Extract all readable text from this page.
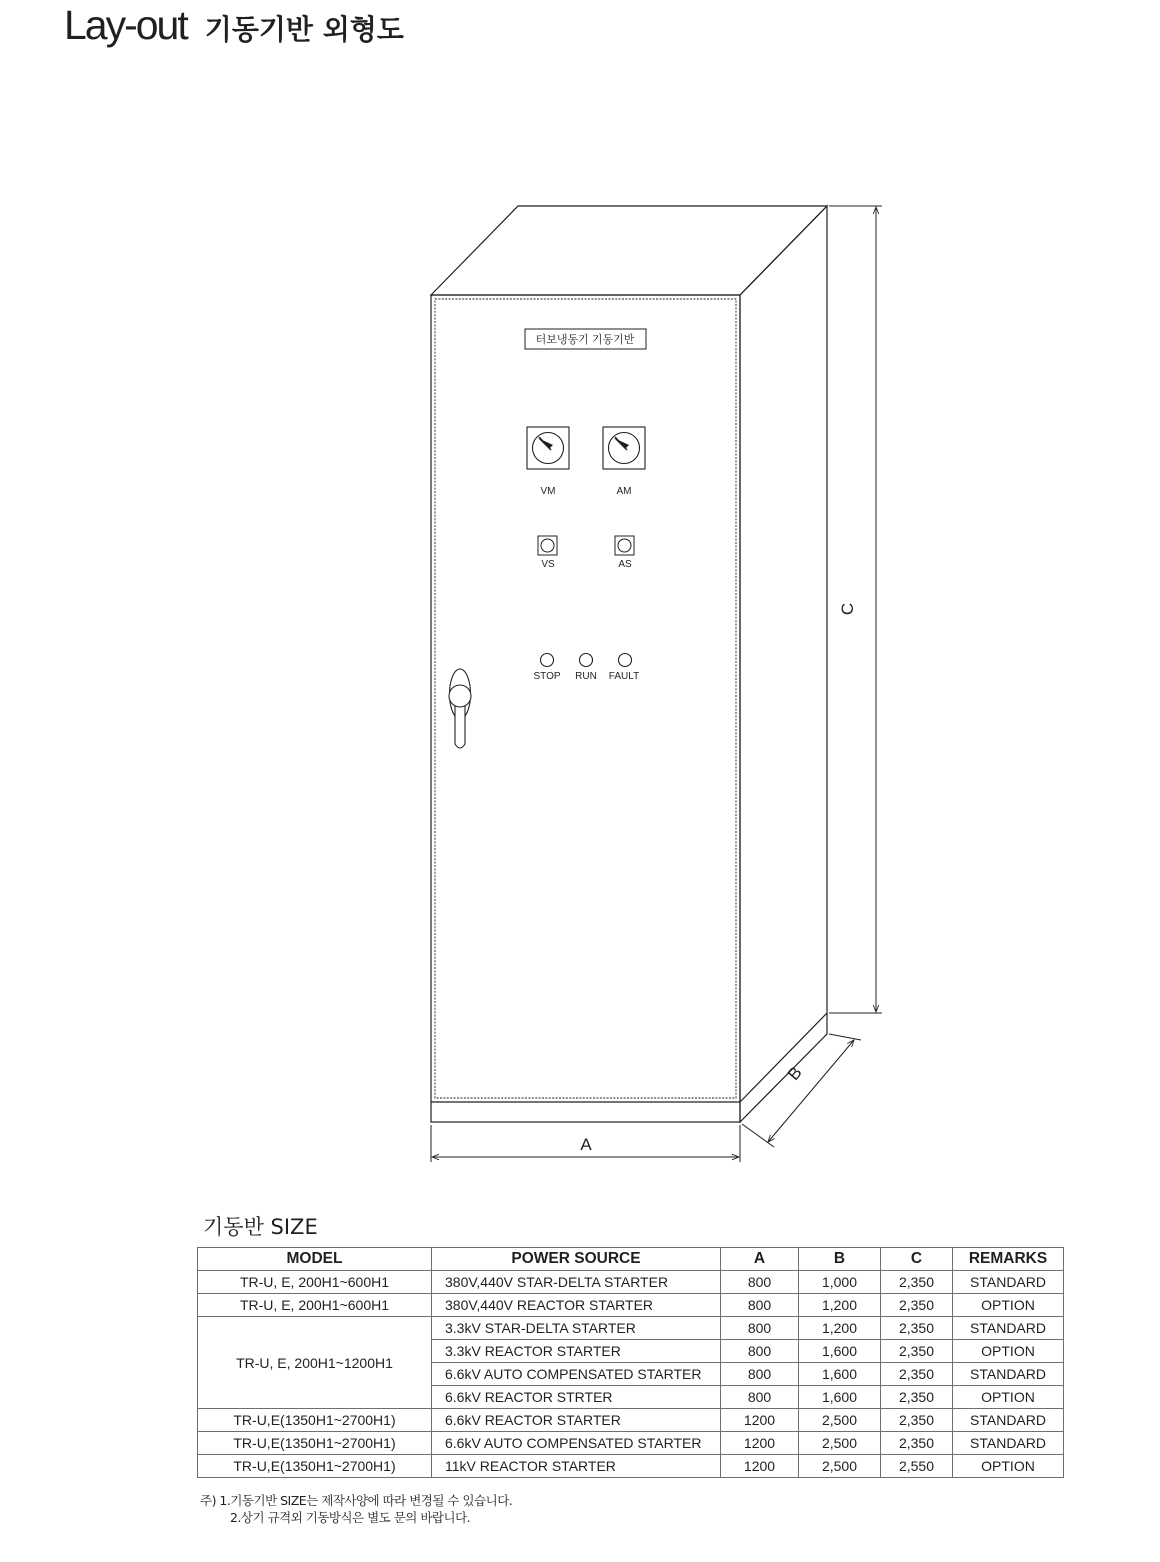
Lay-out 기동기반 외형도
터보냉동기 기동기반
VM	AM
VS	AS
STOP RUN FAULT
A
B
C
기동반 SIZE
MODEL	POWER SOURCE	A	B	C	REMARKS
TR-U, E, 200H1~600H1	380V,440V STAR-DELTA STARTER	800	1,000	2,350	STANDARD
TR-U, E, 200H1~600H1	380V,440V REACTOR STARTER	800	1,200	2,350	OPTION
TR-U, E, 200H1~1200H1	3.3kV STAR-DELTA STARTER	800	1,200	2,350	STANDARD
	3.3kV REACTOR STARTER	800	1,600	2,350	OPTION
	6.6kV AUTO COMPENSATED STARTER	800	1,600	2,350	STANDARD
	6.6kV REACTOR STRTER	800	1,600	2,350	OPTION
TR-U,E(1350H1~2700H1)	6.6kV REACTOR STARTER	1200	2,500	2,350	STANDARD
TR-U,E(1350H1~2700H1)	6.6kV AUTO COMPENSATED STARTER	1200	2,500	2,350	STANDARD
TR-U,E(1350H1~2700H1)	11kV REACTOR STARTER	1200	2,500	2,550	OPTION
주) 1.기동기반 SIZE는 제작사양에 따라 변경될 수 있습니다.
2.상기 규격외 기동방식은 별도 문의 바랍니다.
